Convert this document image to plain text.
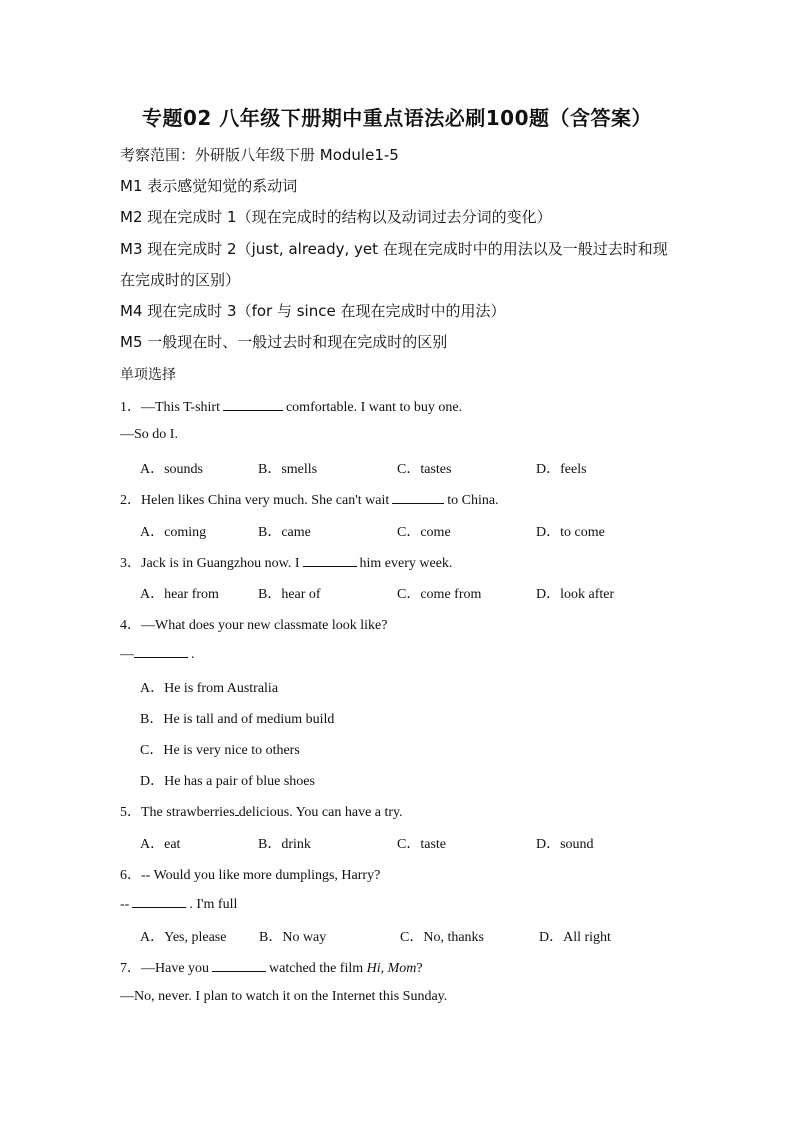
专题02 八年级下册期中重点语法必刷100题（含答案）
考察范围：外研版八年级下册 Module1-5
M1 表示感觉知觉的系动词
M2 现在完成时 1（现在完成时的结构以及动词过去分词的变化）
M3 现在完成时 2（just, already, yet 在现在完成时中的用法以及一般过去时和现
在完成时的区别）
M4 现在完成时 3（for 与 since 在现在完成时中的用法）
M5 一般现在时、一般过去时和现在完成时的区别
单项选择
1．—This T-shirt	comfortable. I want to buy one.
—So do I.
A．sounds	B．smells	C．tastes	D．feels
2．Helen likes China very much. She can't wait	to China.
A．coming	B．came	C．come	D．to come
3．Jack is in Guangzhou now. I	him every week.
A．hear from	B．hear of	C．come from	D．look after
4．—What does your new classmate look like?
—	.
A．He is from Australia
B．He is tall and of medium build
C．He is very nice to others
D．He has a pair of blue shoes
5．The strawberries delicious. You can have a try.
A．eat	B．drink	C．taste	D．sound
6．-- Would you like more dumplings, Harry?
--	. I'm full
A．Yes, please B．No way	C．No, thanks	D．All right
7．—Have you	watched the film Hi, Mom?
—No, never. I plan to watch it on the Internet this Sunday.
